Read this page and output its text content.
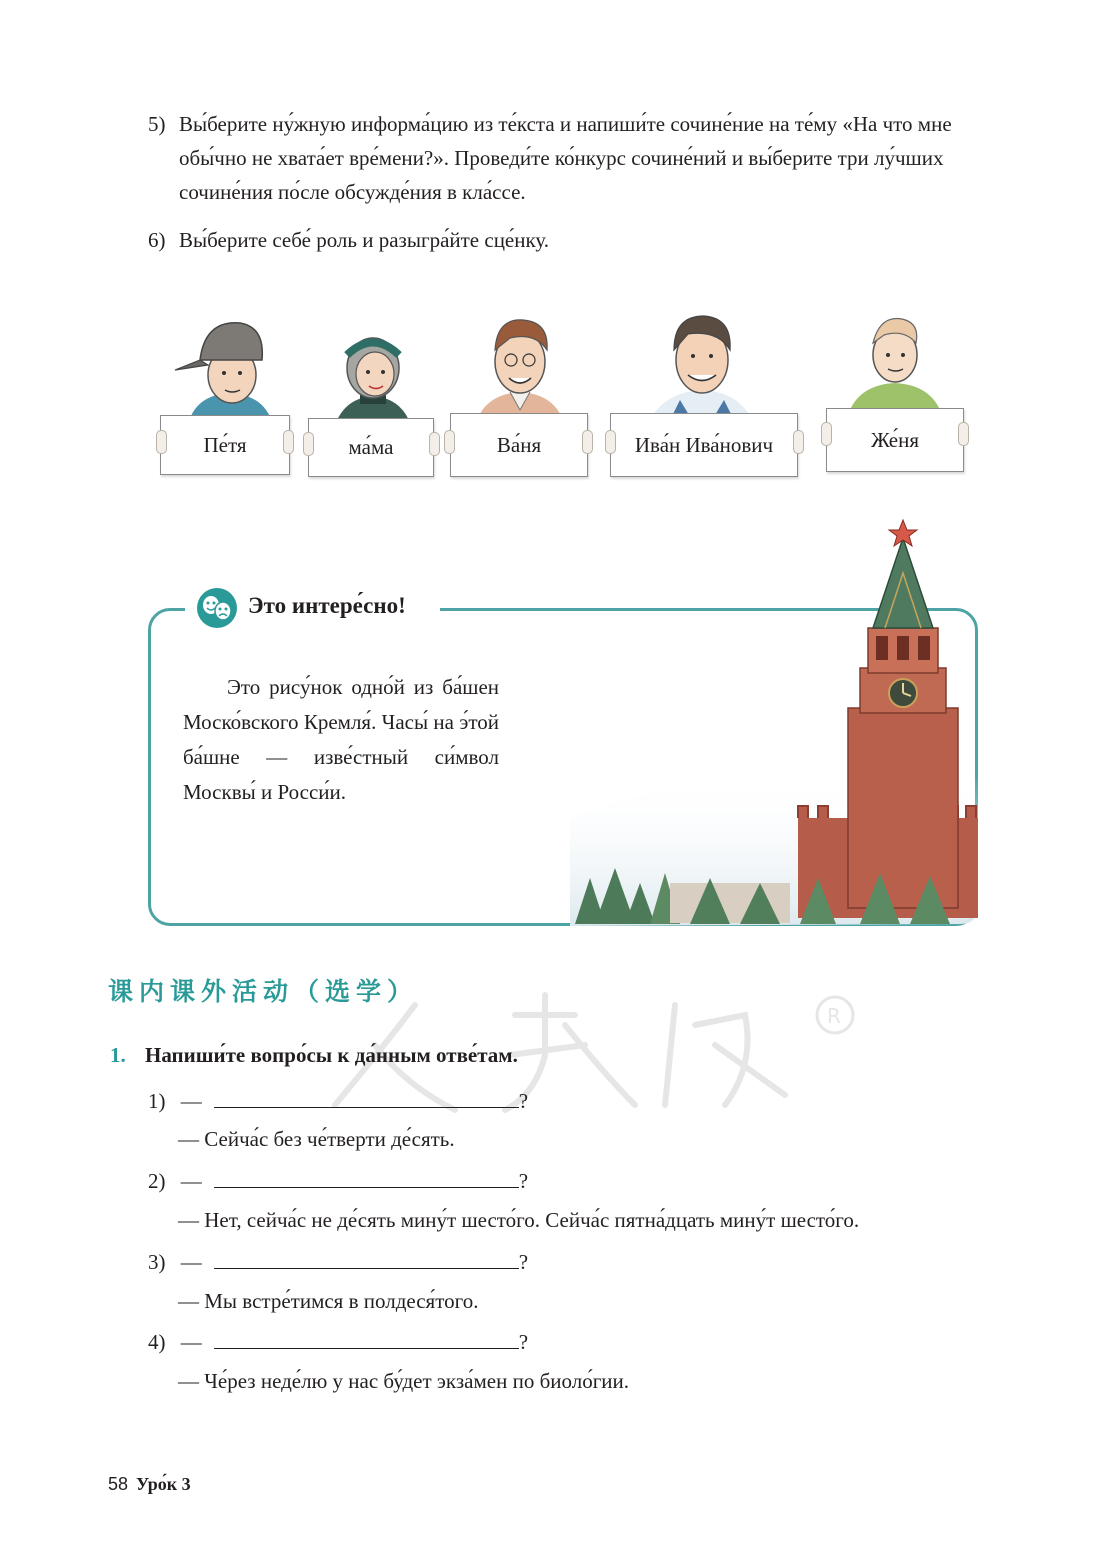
5) Вы́берите ну́жную информа́цию из те́кста и напиши́те сочине́ние на те́му «На что мне обы́чно не хвата́ет вре́мени?». Проведи́те ко́нкурс сочине́ний и вы́берите три лу́чших сочине́ния по́сле обсужде́ния в кла́ссе.
6) Вы́берите себе́ роль и разыгра́йте сце́нку.
Пе́тя	ма́ма	Ва́ня	Ива́н Ива́нович	Же́ня
Это интере́сно!
Это рису́нок одно́й из ба́шен Моско́вского Кремля́. Часы́ на э́той ба́шне — изве́стный си́мвол Москвы́ и Росси́и.
课内课外活动（选学）
R
1. Напиши́те вопро́сы к да́нным отве́там.
1) —	?
— Сейча́с без че́тверти де́сять.
2) —	?
— Нет, сейча́с не де́сять мину́т шесто́го. Сейча́с пятна́дцать мину́т шесто́го.
3) —	?
— Мы встре́тимся в полдеся́того.
4) —	?
— Че́рез неде́лю у нас бу́дет экза́мен по биоло́гии.
58 Уро́к 3
